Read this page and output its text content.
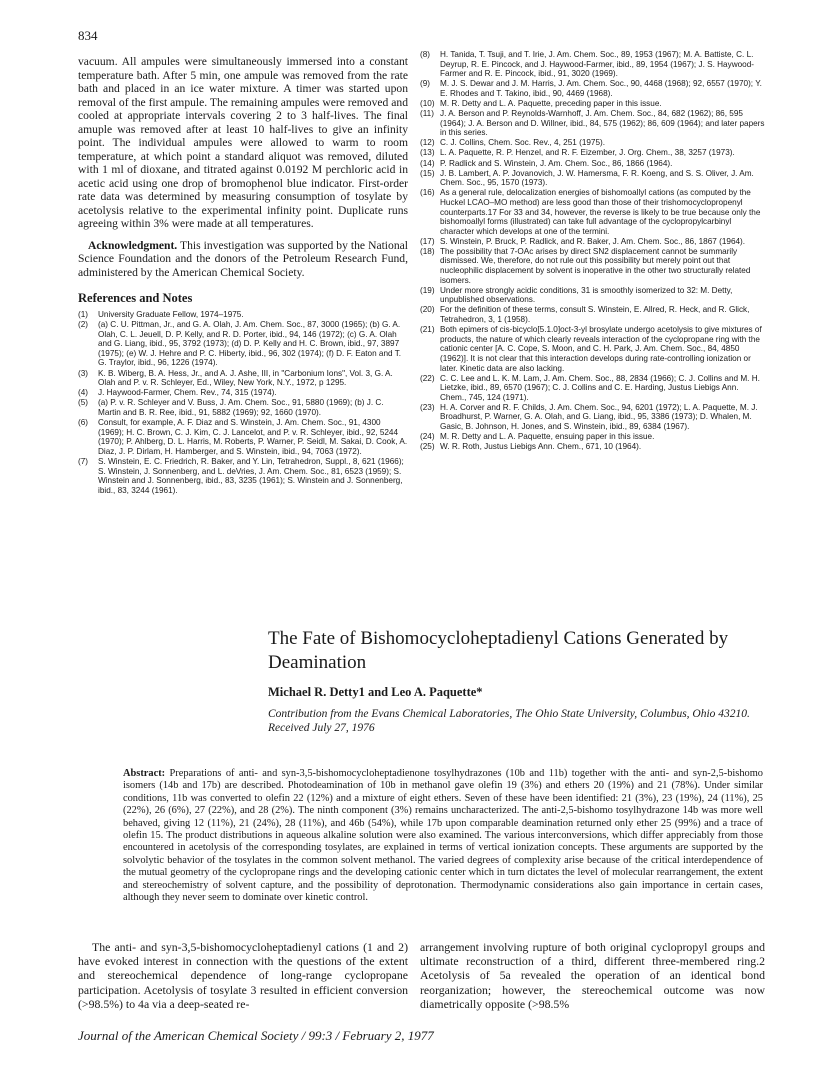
834

vacuum. All ampules were simultaneously immersed into a constant temperature bath. After 5 min, one ampule was removed from the rate bath and placed in an ice water mixture. A timer was started upon removal of the first ampule. The remaining ampules were removed and cooled at appropriate intervals covering 2 to 3 half-lives. The final amuple was removed after at least 10 half-lives to give an infinity point. The individual ampules were allowed to warm to room temperature, at which point a standard aliquot was removed, diluted with 1 ml of dioxane, and titrated against 0.0192 M perchloric acid in acetic acid using one drop of bromophenol blue indicator. First-order rate data was determined by measuring consumption of tosylate by acetolysis relative to the experimental infinity point. Duplicate runs agreeing within 3% were made at all temperatures.

Acknowledgment. This investigation was supported by the National Science Foundation and the donors of the Petroleum Research Fund, administered by the American Chemical Society.

References and Notes
(1)	University Graduate Fellow, 1974–1975.
(2)	(a) C. U. Pittman, Jr., and G. A. Olah, J. Am. Chem. Soc., 87, 3000 (1965); (b) G. A. Olah, C. L. Jeuell, D. P. Kelly, and R. D. Porter, ibid., 94, 146 (1972); (c) G. A. Olah and G. Liang, ibid., 95, 3792 (1973); (d) D. P. Kelly and H. C. Brown, ibid., 97, 3897 (1975); (e) W. J. Hehre and P. C. Hiberty, ibid., 96, 302 (1974); (f) D. F. Eaton and T. G. Traylor, ibid., 96, 1226 (1974).
(3)	K. B. Wiberg, B. A. Hess, Jr., and A. J. Ashe, III, in "Carbonium Ions", Vol. 3, G. A. Olah and P. v. R. Schleyer, Ed., Wiley, New York, N.Y., 1972, p 1295.
(4)	J. Haywood-Farmer, Chem. Rev., 74, 315 (1974).
(5)	(a) P. v. R. Schleyer and V. Buss, J. Am. Chem. Soc., 91, 5880 (1969); (b) J. C. Martin and B. R. Ree, ibid., 91, 5882 (1969); 92, 1660 (1970).
(6)	Consult, for example, A. F. Diaz and S. Winstein, J. Am. Chem. Soc., 91, 4300 (1969); H. C. Brown, C. J. Kim, C. J. Lancelot, and P. v. R. Schleyer, ibid., 92, 5244 (1970); P. Ahlberg, D. L. Harris, M. Roberts, P. Warner, P. Seidl, M. Sakai, D. Cook, A. Diaz, J. P. Dirlam, H. Hamberger, and S. Winstein, ibid., 94, 7063 (1972).
(7)	S. Winstein, E. C. Friedrich, R. Baker, and Y. Lin, Tetrahedron, Suppl., 8, 621 (1966); S. Winstein, J. Sonnenberg, and L. deVries, J. Am. Chem. Soc., 81, 6523 (1959); S. Winstein and J. Sonnenberg, ibid., 83, 3235 (1961); S. Winstein and J. Sonnenberg, ibid., 83, 3244 (1961).
(8)	H. Tanida, T. Tsuji, and T. Irie, J. Am. Chem. Soc., 89, 1953 (1967); M. A. Battiste, C. L. Deyrup, R. E. Pincock, and J. Haywood-Farmer, ibid., 89, 1954 (1967); J. S. Haywood-Farmer and R. E. Pincock, ibid., 91, 3020 (1969).
(9)	M. J. S. Dewar and J. M. Harris, J. Am. Chem. Soc., 90, 4468 (1968); 92, 6557 (1970); Y. E. Rhodes and T. Takino, ibid., 90, 4469 (1968).
(10) M. R. Detty and L. A. Paquette, preceding paper in this issue.
(11) J. A. Berson and P. Reynolds-Warnhoff, J. Am. Chem. Soc., 84, 682 (1962); 86, 595 (1964); J. A. Berson and D. Willner, ibid., 84, 575 (1962); 86, 609 (1964); and later papers in this series.
(12) C. J. Collins, Chem. Soc. Rev., 4, 251 (1975).
(13) L. A. Paquette, R. P. Henzel, and R. F. Eizember, J. Org. Chem., 38, 3257 (1973).
(14) P. Radlick and S. Winstein, J. Am. Chem. Soc., 86, 1866 (1964).
(15) J. B. Lambert, A. P. Jovanovich, J. W. Hamersma, F. R. Koeng, and S. S. Oliver, J. Am. Chem. Soc., 95, 1570 (1973).
(16) As a general rule, delocalization energies of bishomoallyl cations (as computed by the Huckel LCAO–MO method) are less good than those of their trishomocyclopropenyl counterparts.17 For 33 and 34, however, the reverse is likely to be true because only the bishomoallyl forms (illustrated) can take full advantage of the cyclopropylcarbinyl character which develops at one of the termini.
(17) S. Winstein, P. Bruck, P. Radlick, and R. Baker, J. Am. Chem. Soc., 86, 1867 (1964).
(18) The possibility that 7-OAc arises by direct SN2 displacement cannot be summarily dismissed. We, therefore, do not rule out this possibility but merely point out that nucleophilic displacement by solvent is inoperative in the other two structurally related isomers.
(19) Under more strongly acidic conditions, 31 is smoothly isomerized to 32: M. Detty, unpublished observations.
(20) For the definition of these terms, consult S. Winstein, E. Allred, R. Heck, and R. Glick, Tetrahedron, 3, 1 (1958).
(21) Both epimers of cis-bicyclo[5.1.0]oct-3-yl brosylate undergo acetolysis to give mixtures of products, the nature of which clearly reveals interaction of the cyclopropane ring with the cationic center [A. C. Cope, S. Moon, and C. H. Park, J. Am. Chem. Soc., 84, 4850 (1962)]. It is not clear that this interaction develops during rate-controlling ionization or later. Kinetic data are also lacking.
(22) C. C. Lee and L. K. M. Lam, J. Am. Chem. Soc., 88, 2834 (1966); C. J. Collins and M. H. Lietzke, ibid., 89, 6570 (1967); C. J. Collins and C. E. Harding, Justus Liebigs Ann. Chem., 745, 124 (1971).
(23) H. A. Corver and R. F. Childs, J. Am. Chem. Soc., 94, 6201 (1972); L. A. Paquette, M. J. Broadhurst, P. Warner, G. A. Olah, and G. Liang, ibid., 95, 3386 (1973); D. Whalen, M. Gasic, B. Johnson, H. Jones, and S. Winstein, ibid., 89, 6384 (1967).
(24) M. R. Detty and L. A. Paquette, ensuing paper in this issue.
(25) W. R. Roth, Justus Liebigs Ann. Chem., 671, 10 (1964).
The Fate of Bishomocycloheptadienyl Cations Generated by Deamination
Michael R. Detty1 and Leo A. Paquette*
Contribution from the Evans Chemical Laboratories, The Ohio State University, Columbus, Ohio 43210. Received July 27, 1976

Abstract: Preparations of anti- and syn-3,5-bishomocycloheptadienone tosylhydrazones (10b and 11b) together with the anti- and syn-2,5-bishomo isomers (14b and 17b) are described. Photodeamination of 10b in methanol gave olefin 19 (3%) and ethers 20 (19%) and 21 (78%). Under similar conditions, 11b was converted to olefin 22 (12%) and a mixture of eight ethers. Seven of these have been identified: 21 (3%), 23 (19%), 24 (11%), 25 (22%), 26 (6%), 27 (22%), and 28 (2%). The ninth component (3%) remains uncharacterized. The anti-2,5-bishomo tosylhydrazone 14b was more well behaved, giving 12 (11%), 21 (24%), 28 (11%), and 46b (54%), while 17b upon comparable deamination returned only ether 25 (99%) and a trace of olefin 15. The product distributions in aqueous alkaline solution were also examined. The various interconversions, which differ appreciably from those encountered in acetolysis of the corresponding tosylates, are explained in terms of vertical ionization concepts. These arguments are supported by the solvolytic behavior of the tosylates in the common solvent methanol. The varied degrees of complexity arise because of the critical interdependence of the mutual geometry of the cyclopropane rings and the developing cationic center which in turn dictates the level of molecular rearrangement, the extent and stereochemistry of solvent capture, and the possibility of deprotonation. Thermodynamic considerations also gain importance in certain cases, although they never seem to dominate over kinetic control.

The anti- and syn-3,5-bishomocycloheptadienyl cations (1 and 2) have evoked interest in connection with the questions of the extent and stereochemical dependence of long-range cyclopropane participation. Acetolysis of tosylate 3 resulted in efficient conversion (>98.5%) to 4a via a deep-seated re-

arrangement involving rupture of both original cyclopropyl groups and ultimate reconstruction of a third, different three-membered ring.2 Acetolysis of 5a revealed the operation of an identical bond reorganization; however, the stereochemical outcome was now diametrically opposite (>98.5%

Journal of the American Chemical Society / 99:3 / February 2, 1977
